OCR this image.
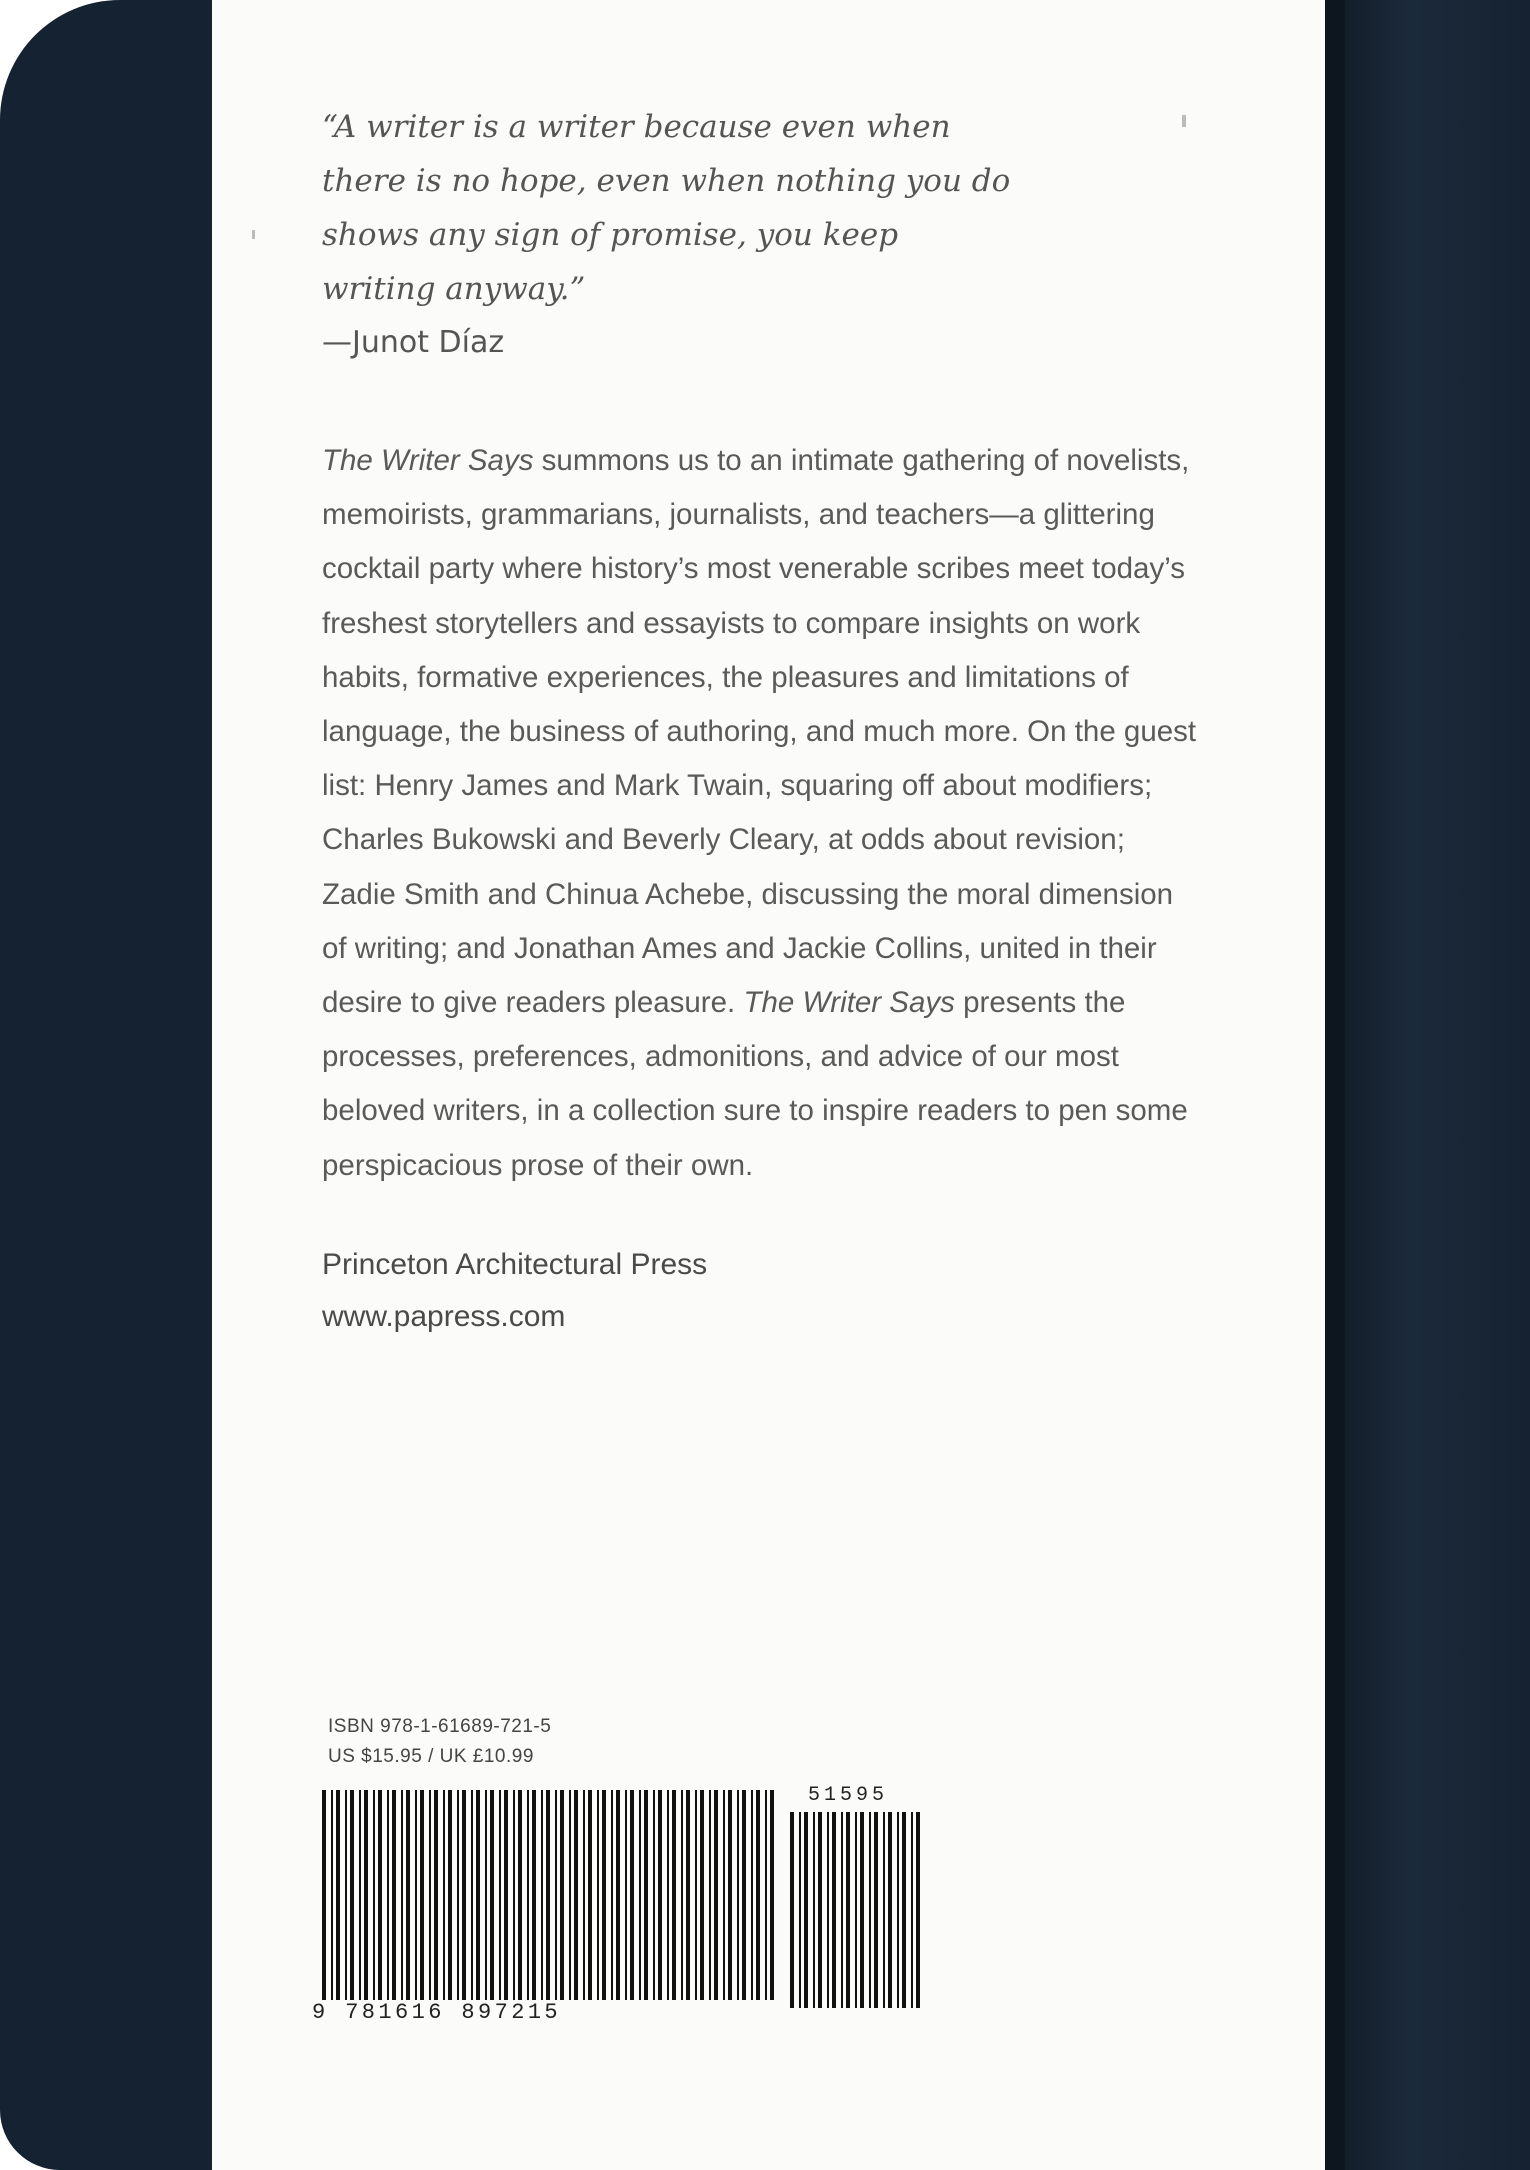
“A writer is a writer because even when
there is no hope, even when nothing you do
shows any sign of promise, you keep
writing anyway.”

—Junot Díaz

The Writer Says summons us to an intimate gathering of novelists, memoirists, grammarians, journalists, and teachers—a glittering cocktail party where history’s most venerable scribes meet today’s freshest storytellers and essayists to compare insights on work habits, formative experiences, the pleasures and limitations of language, the business of authoring, and much more. On the guest list: Henry James and Mark Twain, squaring off about modifiers; Charles Bukowski and Beverly Cleary, at odds about revision; Zadie Smith and Chinua Achebe, discussing the moral dimension of writing; and Jonathan Ames and Jackie Collins, united in their desire to give readers pleasure. The Writer Says presents the processes, preferences, admonitions, and advice of our most beloved writers, in a collection sure to inspire readers to pen some perspicacious prose of their own.
Princeton Architectural Press
www.papress.com
ISBN 978-1-61689-721-5
US $15.95 / UK £10.99
51595
9 781616 897215
